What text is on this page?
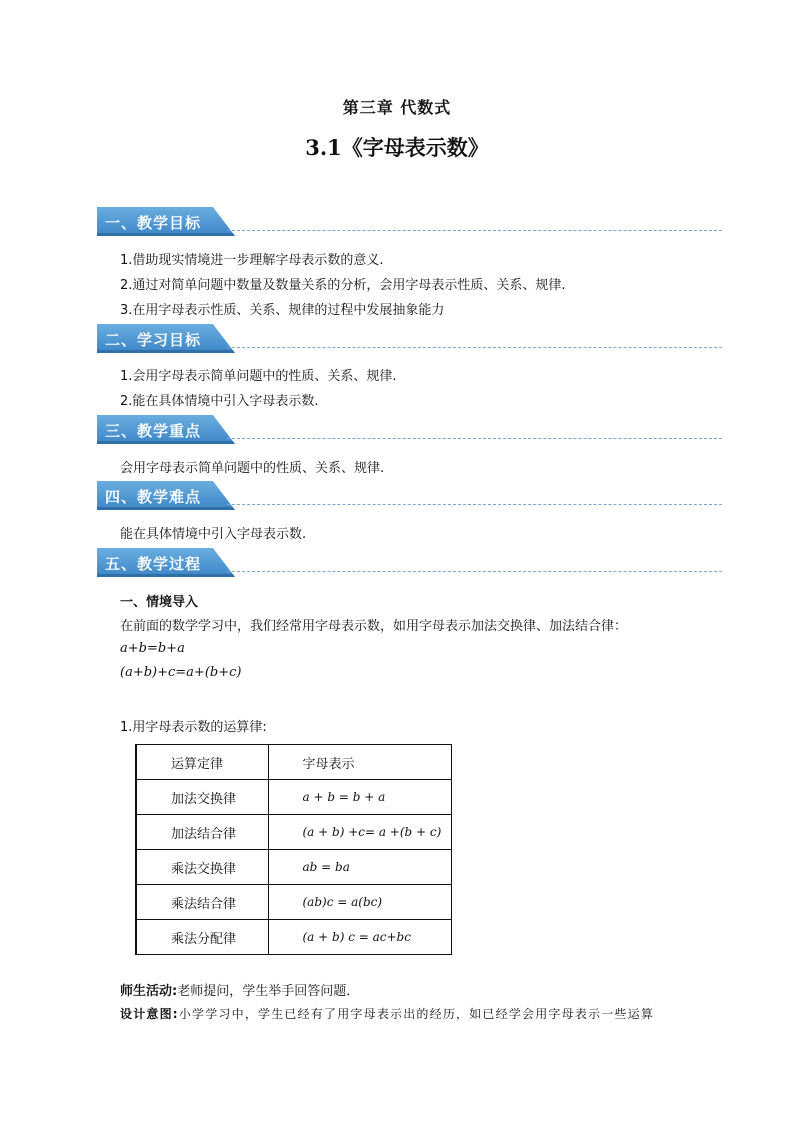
第三章 代数式
3.1《字母表示数》
一、教学目标
1.借助现实情境进一步理解字母表示数的意义.
2.通过对简单问题中数量及数量关系的分析，会用字母表示性质、关系、规律.
3.在用字母表示性质、关系、规律的过程中发展抽象能力
二、学习目标
1.会用字母表示简单问题中的性质、关系、规律.
2.能在具体情境中引入字母表示数.
三、教学重点
会用字母表示简单问题中的性质、关系、规律.
四、教学难点
能在具体情境中引入字母表示数.
五、教学过程
一、情境导入
在前面的数学学习中，我们经常用字母表示数，如用字母表示加法交换律、加法结合律：
a+b=b+a
(a+b)+c=a+(b+c)
1.用字母表示数的运算律:
运算定律	字母表示
加法交换律	a + b = b + a
加法结合律	(a + b) +c= a +(b + c)
乘法交换律	ab = ba
乘法结合律	(ab)c = a(bc)
乘法分配律	(a + b) c = ac+bc
师生活动:老师提问，学生举手回答问题．
设计意图:小学学习中，学生已经有了用字母表示出的经历，如已经学会用字母表示一些运算
